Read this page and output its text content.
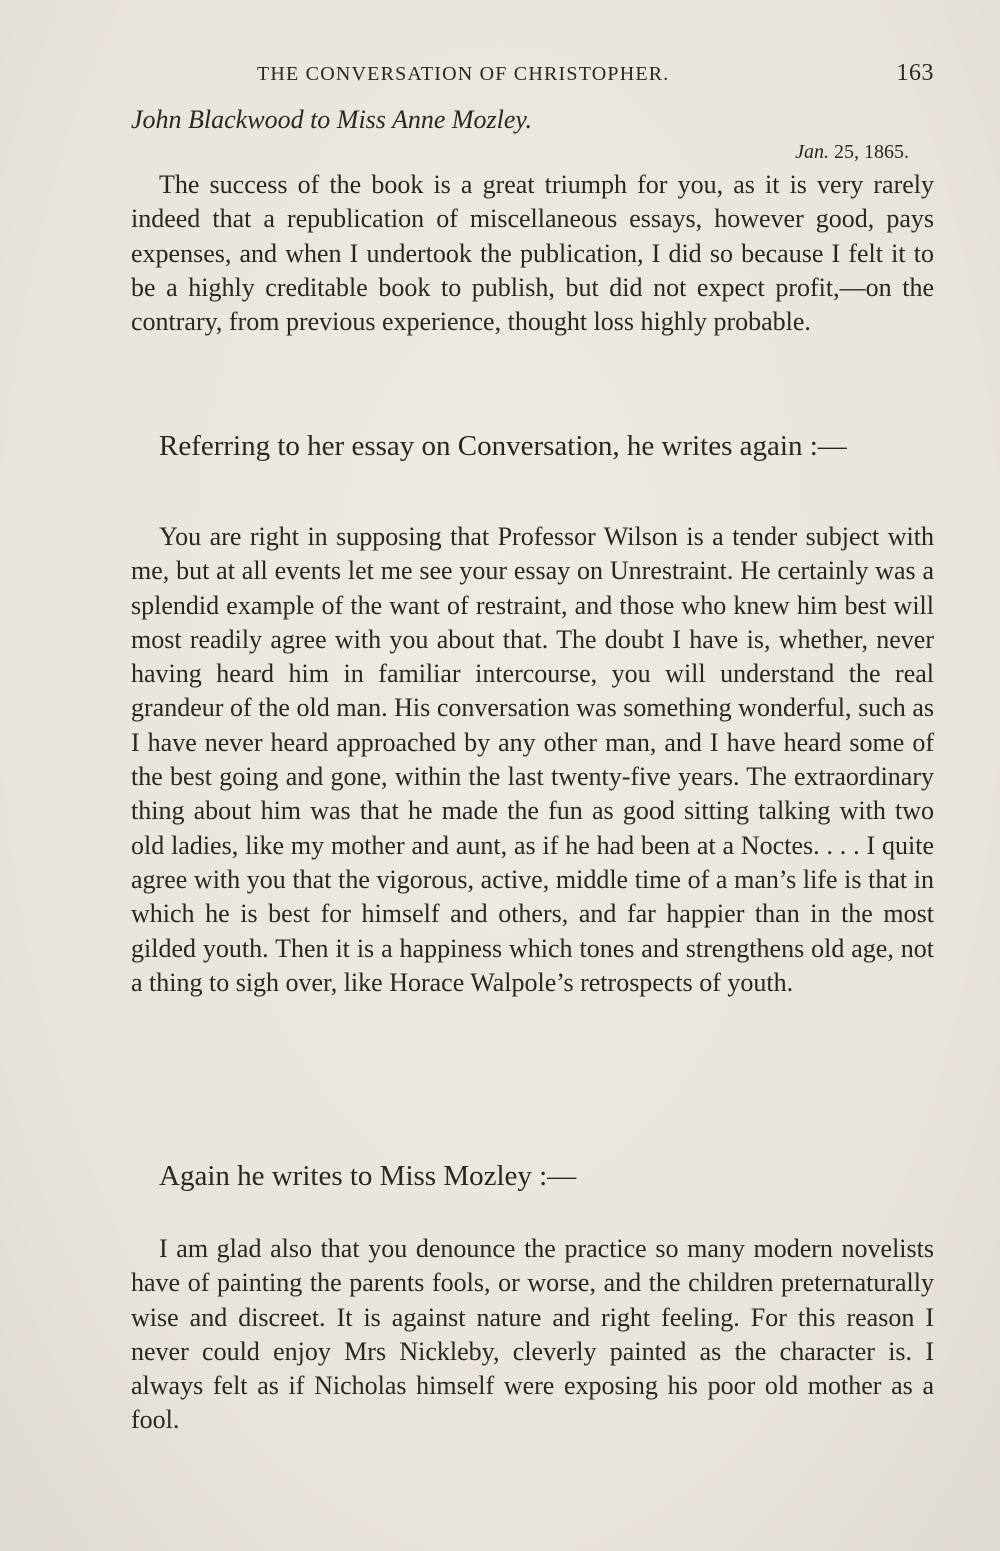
THE CONVERSATION OF CHRISTOPHER.	163

John Blackwood to Miss Anne Mozley.

Jan. 25, 1865.

The success of the book is a great triumph for you, as it is very rarely indeed that a republication of miscellaneous essays, however good, pays expenses, and when I undertook the publication, I did so because I felt it to be a highly creditable book to publish, but did not expect profit,—on the contrary, from previous experience, thought loss highly probable.

Referring to her essay on Conversation, he writes again :—

You are right in supposing that Professor Wilson is a tender subject with me, but at all events let me see your essay on Unrestraint. He certainly was a splendid example of the want of restraint, and those who knew him best will most readily agree with you about that. The doubt I have is, whether, never having heard him in familiar intercourse, you will understand the real grandeur of the old man. His conversation was something wonderful, such as I have never heard approached by any other man, and I have heard some of the best going and gone, within the last twenty-five years. The extraordinary thing about him was that he made the fun as good sitting talking with two old ladies, like my mother and aunt, as if he had been at a Noctes. . . . I quite agree with you that the vigorous, active, middle time of a man’s life is that in which he is best for himself and others, and far happier than in the most gilded youth. Then it is a happiness which tones and strengthens old age, not a thing to sigh over, like Horace Walpole’s retrospects of youth.

Again he writes to Miss Mozley :—

I am glad also that you denounce the practice so many modern novelists have of painting the parents fools, or worse, and the children preternaturally wise and discreet. It is against nature and right feeling. For this reason I never could enjoy Mrs Nickleby, cleverly painted as the character is. I always felt as if Nicholas himself were exposing his poor old mother as a fool.
